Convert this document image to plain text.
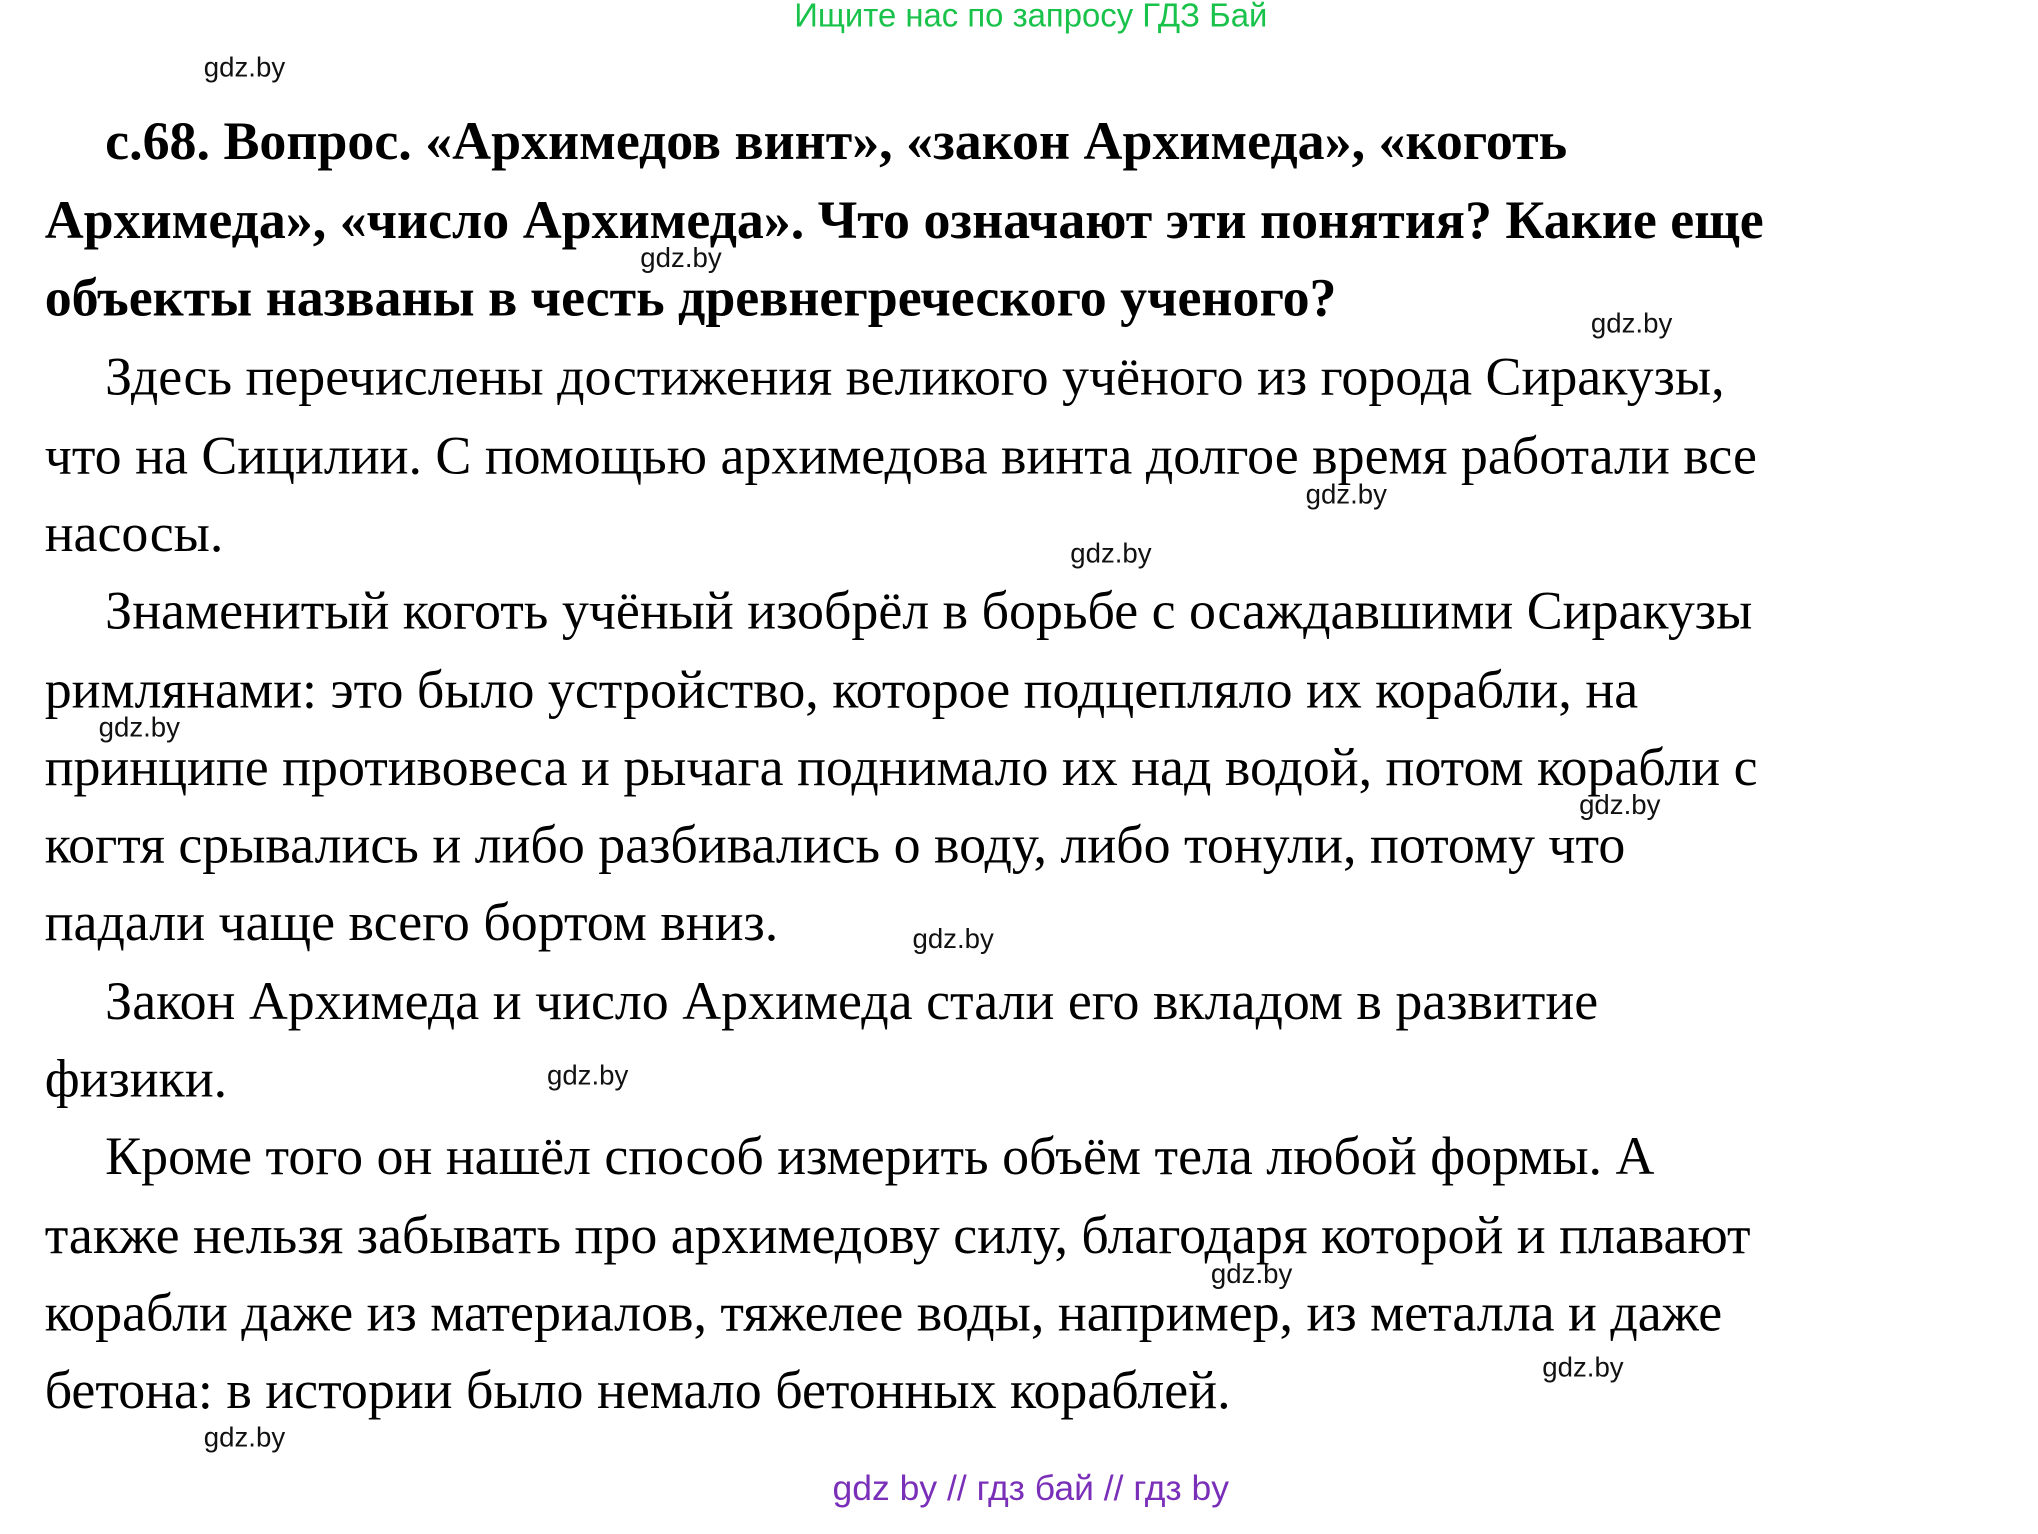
Ищите нас по запросу ГДЗ Бай
с.68. Вопрос. «Архимедов винт», «закон Архимеда», «коготь
Архимеда», «число Архимеда». Что означают эти понятия? Какие еще
объекты названы в честь древнегреческого ученого?
Здесь перечислены достижения великого учёного из города Сиракузы,
что на Сицилии. С помощью архимедова винта долгое время работали все
насосы.
Знаменитый коготь учёный изобрёл в борьбе с осаждавшими Сиракузы
римлянами: это было устройство, которое подцепляло их корабли, на
принципе противовеса и рычага поднимало их над водой, потом корабли с
когтя срывались и либо разбивались о воду, либо тонули, потому что
падали чаще всего бортом вниз.
Закон Архимеда и число Архимеда стали его вкладом в развитие
физики.
Кроме того он нашёл способ измерить объём тела любой формы. А
также нельзя забывать про архимедову силу, благодаря которой и плавают
корабли даже из материалов, тяжелее воды, например, из металла и даже
бетона: в истории было немало бетонных кораблей.
gdz.by
gdz.by
gdz.by
gdz.by
gdz.by
gdz.by
gdz.by
gdz.by
gdz.by
gdz.by
gdz.by
gdz.by
gdz by // гдз бай // гдз by
